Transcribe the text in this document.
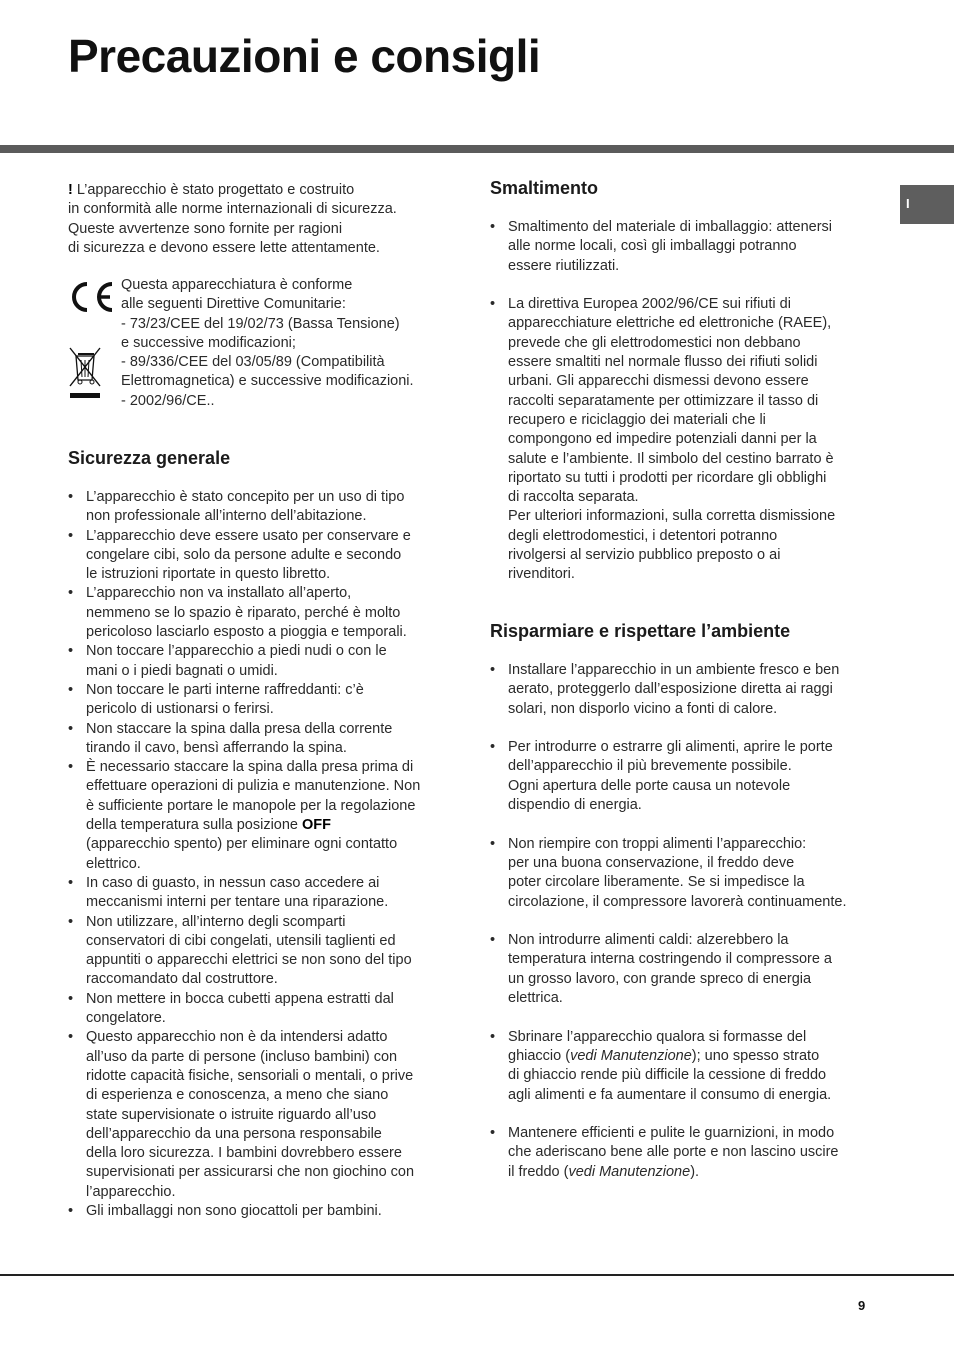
Precauzioni e consigli
I
! L’apparecchio è stato progettato e costruito
in conformità alle norme internazionali di sicurezza.
Queste avvertenze sono fornite per ragioni
di sicurezza e devono essere lette attentamente.
Questa apparecchiatura è conforme
alle seguenti Direttive Comunitarie:
- 73/23/CEE del 19/02/73 (Bassa Tensione)
e successive modificazioni;
- 89/336/CEE del 03/05/89 (Compatibilità
Elettromagnetica) e successive modificazioni.
- 2002/96/CE..
Sicurezza generale
• L’apparecchio è stato concepito per un uso di tipo
non professionale all’interno dell’abitazione.
• L’apparecchio deve essere usato per conservare e
congelare cibi, solo da persone adulte e secondo
le istruzioni riportate in questo libretto.
• L’apparecchio non va installato all’aperto,
nemmeno se lo spazio è riparato, perché è molto
pericoloso lasciarlo esposto a pioggia e temporali.
• Non toccare l’apparecchio a piedi nudi o con le
mani o i piedi bagnati o umidi.
• Non toccare le parti interne raffreddanti: c’è
pericolo di ustionarsi o ferirsi.
• Non staccare la spina dalla presa della corrente
tirando il cavo, bensì afferrando la spina.
• È necessario staccare la spina dalla presa prima di
effettuare operazioni di pulizia e manutenzione. Non
è sufficiente portare le manopole per la regolazione
della temperatura sulla posizione OFF
(apparecchio spento) per eliminare ogni contatto
elettrico.
• In caso di guasto, in nessun caso accedere ai
meccanismi interni per tentare una riparazione.
• Non utilizzare, all’interno degli scomparti
conservatori di cibi congelati, utensili taglienti ed
appuntiti o apparecchi elettrici se non sono del tipo
raccomandato dal costruttore.
• Non mettere in bocca cubetti appena estratti dal
congelatore.
• Questo apparecchio non è da intendersi adatto
all’uso da parte di persone (incluso bambini) con
ridotte capacità fisiche, sensoriali o mentali, o prive
di esperienza e conoscenza, a meno che siano
state supervisionate o istruite riguardo all’uso
dell’apparecchio da una persona responsabile
della loro sicurezza. I bambini dovrebbero essere
supervisionati per assicurarsi che non giochino con
l’apparecchio.
• Gli imballaggi non sono giocattoli per bambini.
Smaltimento
• Smaltimento del materiale di imballaggio: attenersi
alle norme locali, così gli imballaggi potranno
essere riutilizzati.
• La direttiva Europea 2002/96/CE sui rifiuti di
apparecchiature elettriche ed elettroniche (RAEE),
prevede che gli elettrodomestici non debbano
essere smaltiti nel normale flusso dei rifiuti solidi
urbani. Gli apparecchi dismessi devono essere
raccolti separatamente per ottimizzare il tasso di
recupero e riciclaggio dei materiali che li
compongono ed impedire potenziali danni per la
salute e l’ambiente. Il simbolo del cestino barrato è
riportato su tutti i prodotti per ricordare gli obblighi
di raccolta separata.
Per ulteriori informazioni, sulla corretta dismissione
degli elettrodomestici, i detentori potranno
rivolgersi al servizio pubblico preposto o ai
rivenditori.
Risparmiare e rispettare l’ambiente
• Installare l’apparecchio in un ambiente fresco e ben
aerato, proteggerlo dall’esposizione diretta ai raggi
solari, non disporlo vicino a fonti di calore.
• Per introdurre o estrarre gli alimenti, aprire le porte
dell’apparecchio il più brevemente possibile.
Ogni apertura delle porte causa un notevole
dispendio di energia.
• Non riempire con troppi alimenti l’apparecchio:
per una buona conservazione, il freddo deve
poter circolare liberamente. Se si impedisce la
circolazione, il compressore lavorerà continuamente.
• Non introdurre alimenti caldi: alzerebbero la
temperatura interna costringendo il compressore a
un grosso lavoro, con grande spreco di energia
elettrica.
• Sbrinare l’apparecchio qualora si formasse del
ghiaccio (vedi Manutenzione); uno spesso strato
di ghiaccio rende più difficile la cessione di freddo
agli alimenti e fa aumentare il consumo di energia.
• Mantenere efficienti e pulite le guarnizioni, in modo
che aderiscano bene alle porte e non lascino uscire
il freddo (vedi Manutenzione).
9
